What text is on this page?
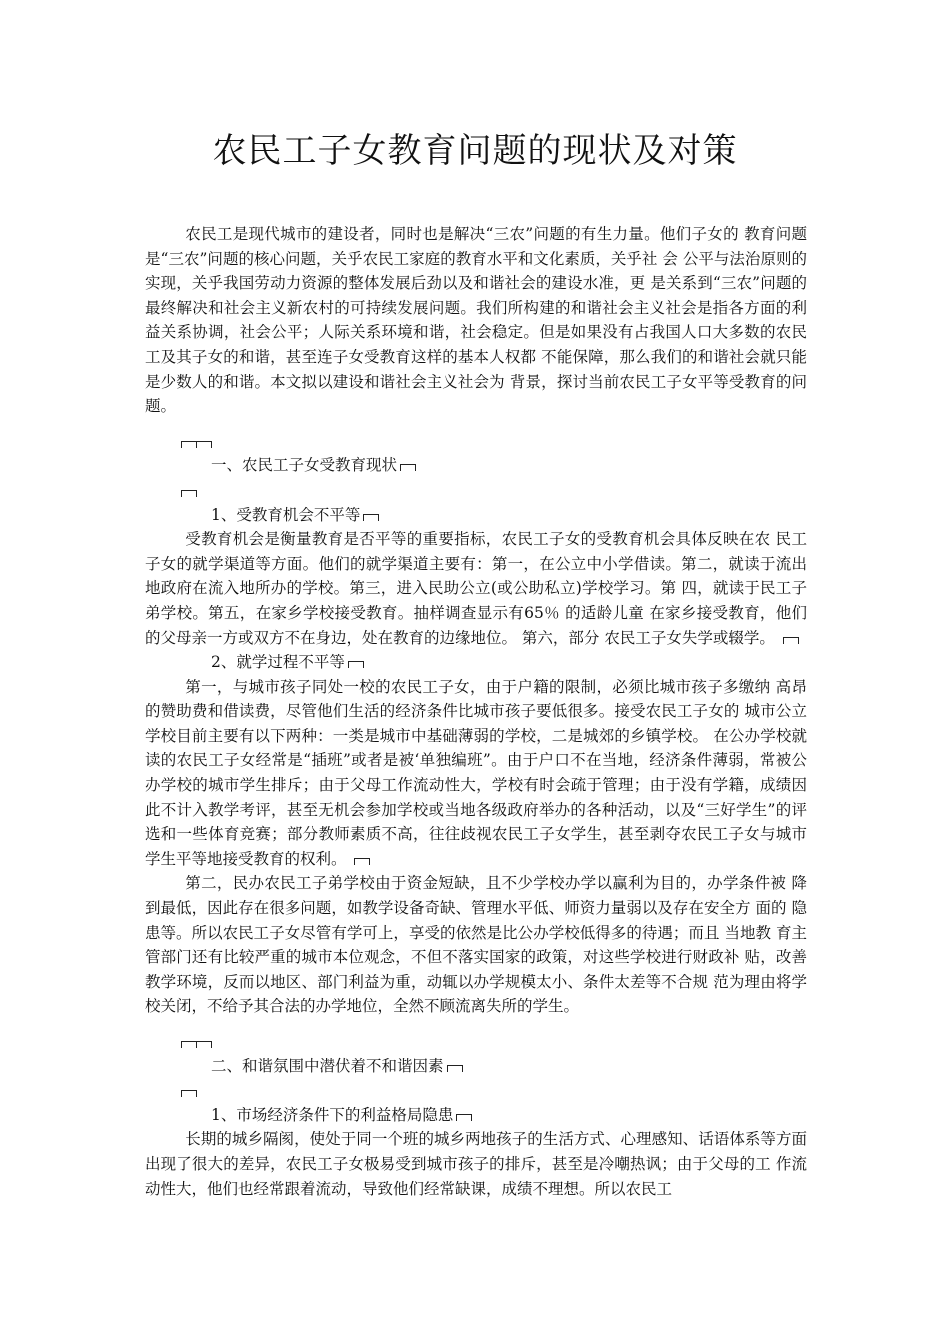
农民工子女教育问题的现状及对策

农民工是现代城市的建设者，同时也是解决“三农”问题的有生力量。他们子女的 教育问题是“三农”问题的核心问题，关乎农民工家庭的教育水平和文化素质，关乎社 会 公平与法治原则的实现，关乎我国劳动力资源的整体发展后劲以及和谐社会的建设水准，更 是关系到“三农”问题的最终解决和社会主义新农村的可持续发展问题。我们所构建的和谐社会主义社会是指各方面的利益关系协调，社会公平；人际关系环境和谐，社会稳定。但是如果没有占我国人口大多数的农民工及其子女的和谐，甚至连子女受教育这样的基本人权都 不能保障，那么我们的和谐社会就只能是少数人的和谐。本文拟以建设和谐社会主义社会为 背景，探讨当前农民工子女平等受教育的问题。

一、农民工子女受教育现状

1、受教育机会不平等

受教育机会是衡量教育是否平等的重要指标，农民工子女的受教育机会具体反映在农 民工子女的就学渠道等方面。他们的就学渠道主要有：第一，在公立中小学借读。第二，就读于流出地政府在流入地所办的学校。第三，进入民助公立(或公助私立)学校学习。第 四，就读于民工子弟学校。第五，在家乡学校接受教育。抽样调查显示有65％ 的适龄儿童 在家乡接受教育，他们的父母亲一方或双方不在身边，处在教育的边缘地位。 第六，部分 农民工子女失学或辍学。

2、就学过程不平等

第一，与城市孩子同处一校的农民工子女，由于户籍的限制，必须比城市孩子多缴纳 高昂的赞助费和借读费，尽管他们生活的经济条件比城市孩子要低很多。接受农民工子女的 城市公立学校目前主要有以下两种：一类是城市中基础薄弱的学校，二是城郊的乡镇学校。 在公办学校就读的农民工子女经常是“插班”或者是被‘单独编班”。由于户口不在当地，经济条件薄弱，常被公办学校的城市学生排斥；由于父母工作流动性大，学校有时会疏于管理；由于没有学籍，成绩因此不计入教学考评，甚至无机会参加学校或当地各级政府举办的各种活动，以及“三好学生”的评选和一些体育竞赛；部分教师素质不高，往往歧视农民工子女学生，甚至剥夺农民工子女与城市学生平等地接受教育的权利。

第二，民办农民工子弟学校由于资金短缺，且不少学校办学以赢利为目的，办学条件被 降到最低，因此存在很多问题，如教学设备奇缺、管理水平低、师资力量弱以及存在安全方 面的 隐患等。所以农民工子女尽管有学可上，享受的依然是比公办学校低得多的待遇；而且 当地教 育主管部门还有比较严重的城市本位观念，不但不落实国家的政策，对这些学校进行财政补 贴，改善教学环境，反而以地区、部门利益为重，动辄以办学规模太小、条件太差等不合规 范为理由将学校关闭，不给予其合法的办学地位，全然不顾流离失所的学生。

二、和谐氛围中潜伏着不和谐因素

1、市场经济条件下的利益格局隐患

长期的城乡隔阂，使处于同一个班的城乡两地孩子的生活方式、心理感知、话语体系等方面 出现了很大的差异，农民工子女极易受到城市孩子的排斥，甚至是冷嘲热讽；由于父母的工 作流动性大，他们也经常跟着流动，导致他们经常缺课，成绩不理想。所以农民工
